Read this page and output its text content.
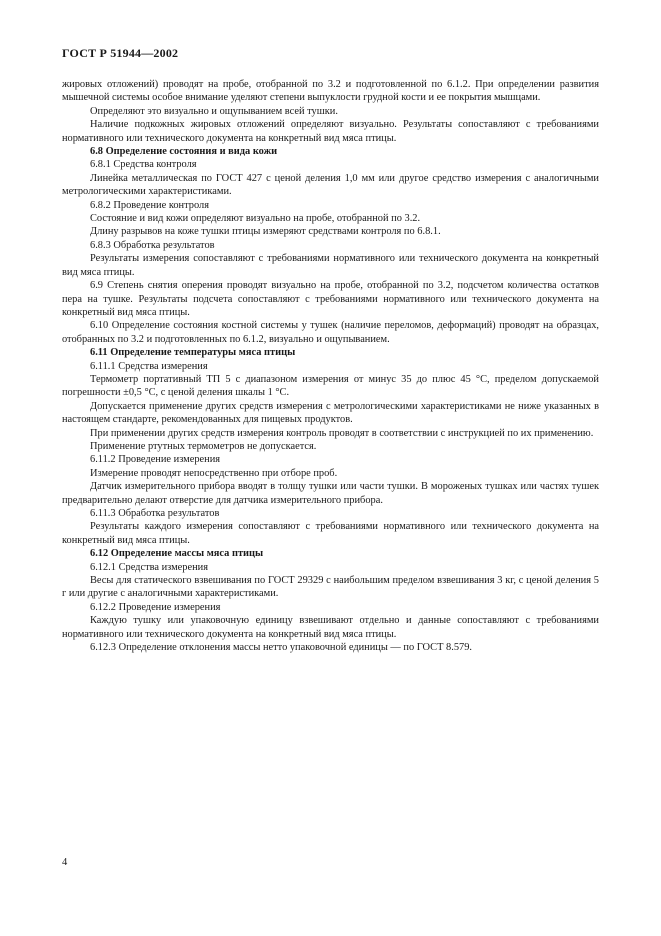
ГОСТ Р 51944—2002

жировых отложений) проводят на пробе, отобранной по 3.2 и подготовленной по 6.1.2. При определении развития мышечной системы особое внимание уделяют степени выпуклости грудной кости и ее покрытия мышцами.

Определяют это визуально и ощупыванием всей тушки.

Наличие подкожных жировых отложений определяют визуально. Результаты сопоставляют с требованиями нормативного или технического документа на конкретный вид мяса птицы.

6.8 Определение состояния и вида кожи

6.8.1 Средства контроля

Линейка металлическая по ГОСТ 427 с ценой деления 1,0 мм или другое средство измерения с аналогичными метрологическими характеристиками.

6.8.2 Проведение контроля

Состояние и вид кожи определяют визуально на пробе, отобранной по 3.2.

Длину разрывов на коже тушки птицы измеряют средствами контроля по 6.8.1.

6.8.3 Обработка результатов

Результаты измерения сопоставляют с требованиями нормативного или технического документа на конкретный вид мяса птицы.

6.9 Степень снятия оперения проводят визуально на пробе, отобранной по 3.2, подсчетом количества остатков пера на тушке. Результаты подсчета сопоставляют с требованиями нормативного или технического документа на конкретный вид мяса птицы.

6.10 Определение состояния костной системы у тушек (наличие переломов, деформаций) проводят на образцах, отобранных по 3.2 и подготовленных по 6.1.2, визуально и ощупыванием.

6.11 Определение температуры мяса птицы

6.11.1 Средства измерения

Термометр портативный ТП 5 с диапазоном измерения от минус 35 до плюс 45 °С, пределом допускаемой погрешности ±0,5 °С, с ценой деления шкалы 1 °С.

Допускается применение других средств измерения с метрологическими характеристиками не ниже указанных в настоящем стандарте, рекомендованных для пищевых продуктов.

При применении других средств измерения контроль проводят в соответствии с инструкцией по их применению.

Применение ртутных термометров не допускается.

6.11.2 Проведение измерения

Измерение проводят непосредственно при отборе проб.

Датчик измерительного прибора вводят в толщу тушки или части тушки. В мороженых тушках или частях тушек предварительно делают отверстие для датчика измерительного прибора.

6.11.3 Обработка результатов

Результаты каждого измерения сопоставляют с требованиями нормативного или технического документа на конкретный вид мяса птицы.

6.12 Определение массы мяса птицы

6.12.1 Средства измерения

Весы для статического взвешивания по ГОСТ 29329 с наибольшим пределом взвешивания 3 кг, с ценой деления 5 г или другие с аналогичными характеристиками.

6.12.2 Проведение измерения

Каждую тушку или упаковочную единицу взвешивают отдельно и данные сопоставляют с требованиями нормативного или технического документа на конкретный вид мяса птицы.

6.12.3 Определение отклонения массы нетто упаковочной единицы — по ГОСТ 8.579.

4
